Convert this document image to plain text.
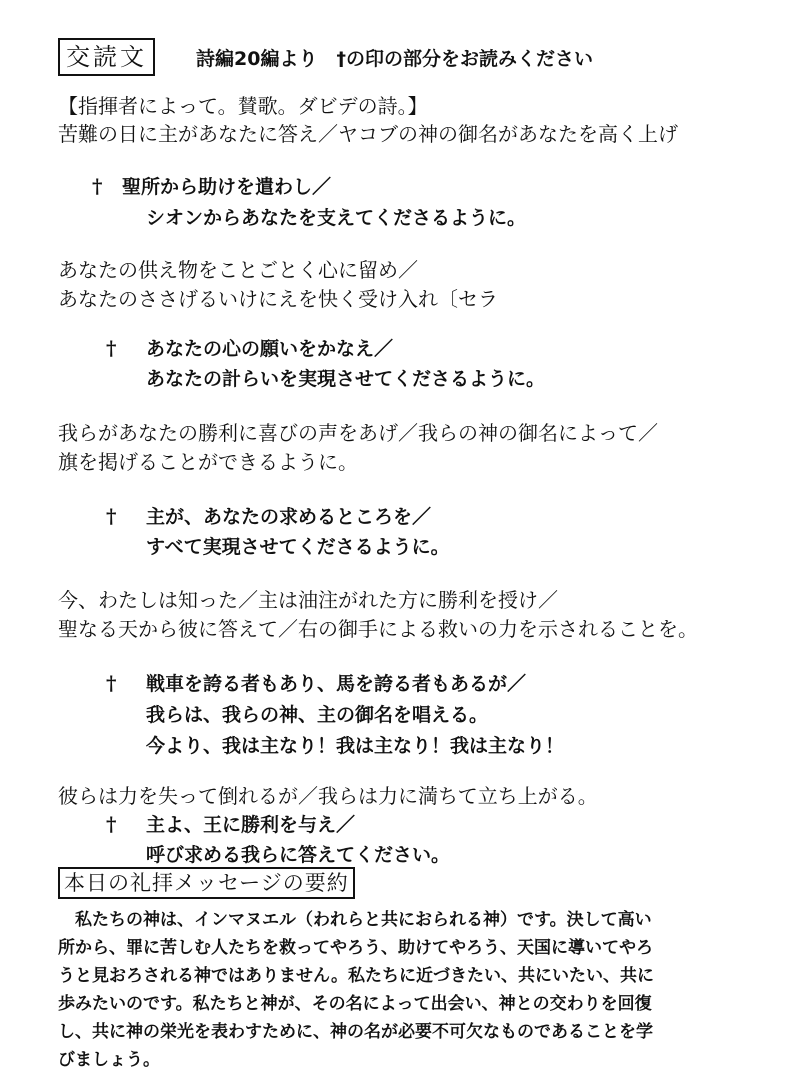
交読文	詩編20編より　†の印の部分をお読みください
【指揮者によって。賛歌。ダビデの詩。】
苦難の日に主があなたに答え／ヤコブの神の御名があなたを高く上げ
† 聖所から助けを遣わし／
シオンからあなたを支えてくださるように。
あなたの供え物をことごとく心に留め／
あなたのささげるいけにえを快く受け入れ〔セラ
† あなたの心の願いをかなえ／
あなたの計らいを実現させてくださるように。
我らがあなたの勝利に喜びの声をあげ／我らの神の御名によって／
旗を掲げることができるように。
† 主が、あなたの求めるところを／
すべて実現させてくださるように。
今、わたしは知った／主は油注がれた方に勝利を授け／
聖なる天から彼に答えて／右の御手による救いの力を示されることを。
† 戦車を誇る者もあり、馬を誇る者もあるが／
我らは、我らの神、主の御名を唱える。
今より、我は主なり！我は主なり！我は主なり！
彼らは力を失って倒れるが／我らは力に満ちて立ち上がる。
† 主よ、王に勝利を与え／
呼び求める我らに答えてください。
本日の礼拝メッセージの要約
　私たちの神は、インマヌエル（われらと共におられる神）です。決して高い
所から、罪に苦しむ人たちを救ってやろう、助けてやろう、天国に導いてやろ
うと見おろされる神ではありません。私たちに近づきたい、共にいたい、共に
歩みたいのです。私たちと神が、その名によって出会い、神との交わりを回復
し、共に神の栄光を表わすために、神の名が必要不可欠なものであることを学
びましょう。
